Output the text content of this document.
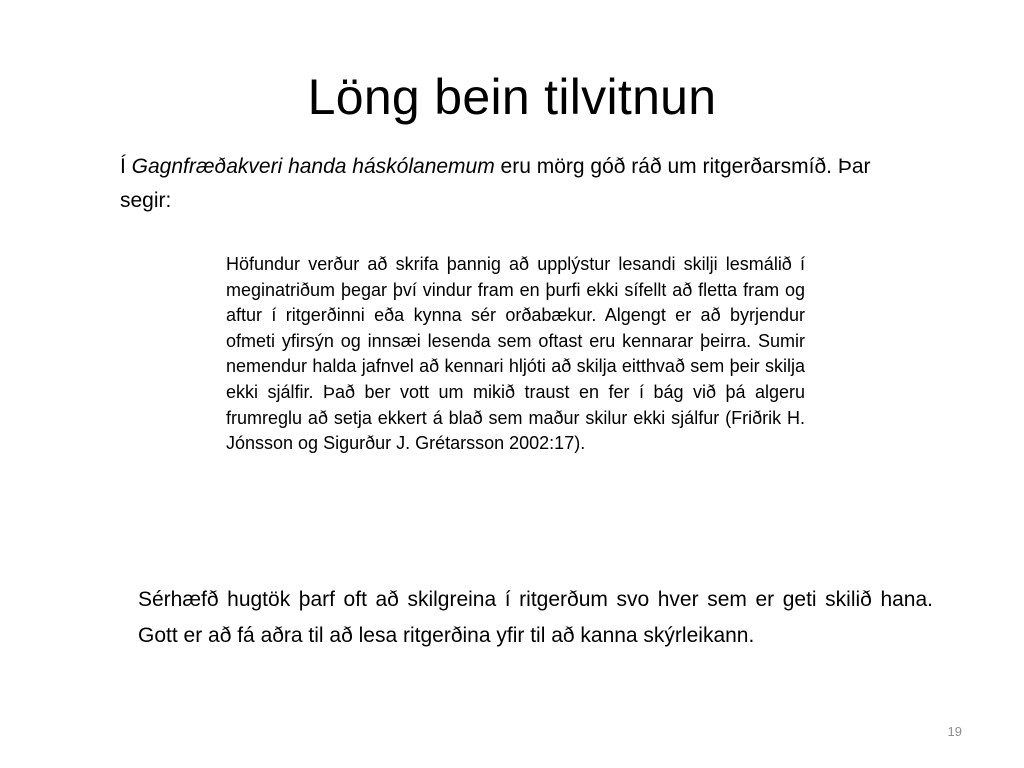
Löng bein tilvitnun

Í Gagnfræðakveri handa háskólanemum eru mörg góð ráð um ritgerðarsmíð. Þar segir:

Höfundur verður að skrifa þannig að upplýstur lesandi skilji lesmálið í meginatriðum þegar því vindur fram en þurfi ekki sífellt að fletta fram og aftur í ritgerðinni eða kynna sér orðabækur. Algengt er að byrjendur ofmeti yfirsýn og innsæi lesenda sem oftast eru kennarar þeirra. Sumir nemendur halda jafnvel að kennari hljóti að skilja eitthvað sem þeir skilja ekki sjálfir. Það ber vott um mikið traust en fer í bág við þá algeru frumreglu að setja ekkert á blað sem maður skilur ekki sjálfur (Friðrik H. Jónsson og Sigurður J. Grétarsson 2002:17).

Sérhæfð hugtök þarf oft að skilgreina í ritgerðum svo hver sem er geti skilið hana. Gott er að fá aðra til að lesa ritgerðina yfir til að kanna skýrleikann.

19
